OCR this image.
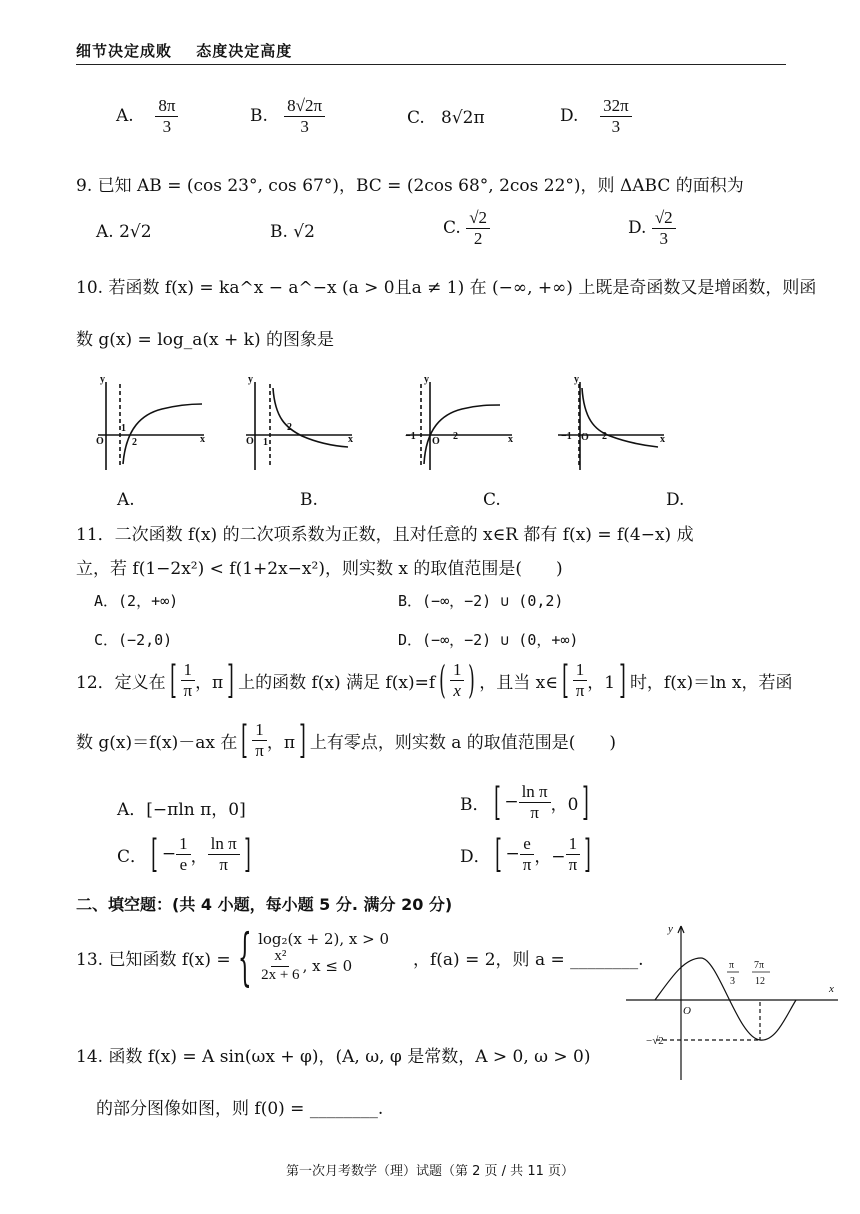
细节决定成败 态度决定高度
A. $\frac{8\pi}{3}$	B. $\frac{8√2\pi}{3}$	C. 8√2π	D. $\frac{32\pi}{3}$
9. 已知 AB = (cos 23°, cos 67°)，BC = (2cos 68°, 2cos 22°)，则 ΔABC 的面积为
A. 2√2	B. √2	C. $\frac{√2}{2}$	D. $\frac{√2}{3}$
10. 若函数 f(x) = ka^x − a^−x (a > 0且a ≠ 1) 在 (−∞, +∞) 上既是奇函数又是增函数，则函
数 g(x) = log_a(x + k) 的图象是
y
x
O
1
2
y
x
O 1
2
y
x
−1 O 2
y
x
−1 O 2
A.	B.	C.	D.
11．二次函数 f(x) 的二次项系数为正数，且对任意的 x∈R 都有 f(x) = f(4−x) 成
立，若 f(1−2x²) < f(1+2x−x²)，则实数 x 的取值范围是(　　)
A．(2，+∞)	B．(−∞，−2) ∪ (0,2)
C．(−2,0)	D．(−∞，−2) ∪ (0，+∞)
12．定义在 [ $\frac{1}{\pi}$ ，π ] 上的函数 f(x) 满足 f(x)=f ( $\frac{1}{x}$ ) ，且当 x∈ [ $\frac{1}{\pi}$ ，1 ] 时，f(x)＝ln x，若函
数 g(x)＝f(x)－ax 在 [ $\frac{1}{\pi}$ ，π ] 上有零点，则实数 a 的取值范围是(　　)
A．[−πln π，0]	B． [ − $\frac{\text{ln π}}{\pi}$ ，0 ]
C． [ − $\frac{1}{e}$ ， $\frac{\text{ln π}}{\pi}$ ]	D． [ − $\frac{e}{\pi}$ ，− $\frac{1}{\pi}$ ]
二、填空题：(共 4 小题，每小题 5 分. 满分 20 分)
13. 已知函数 f(x) = { log₂(x + 2), x > 0
$\frac{\text{x²}}{2x + 6}$ , x ≤ 0	，f(a) = 2，则 a = ________.
y
x
O
π
3
7π
12
−√2
14. 函数 f(x) = A sin(ωx + φ)，(A, ω, φ 是常数，A > 0, ω > 0)
的部分图像如图，则 f(0) = ________.
第一次月考数学（理）试题（第 2 页 / 共 11 页）
